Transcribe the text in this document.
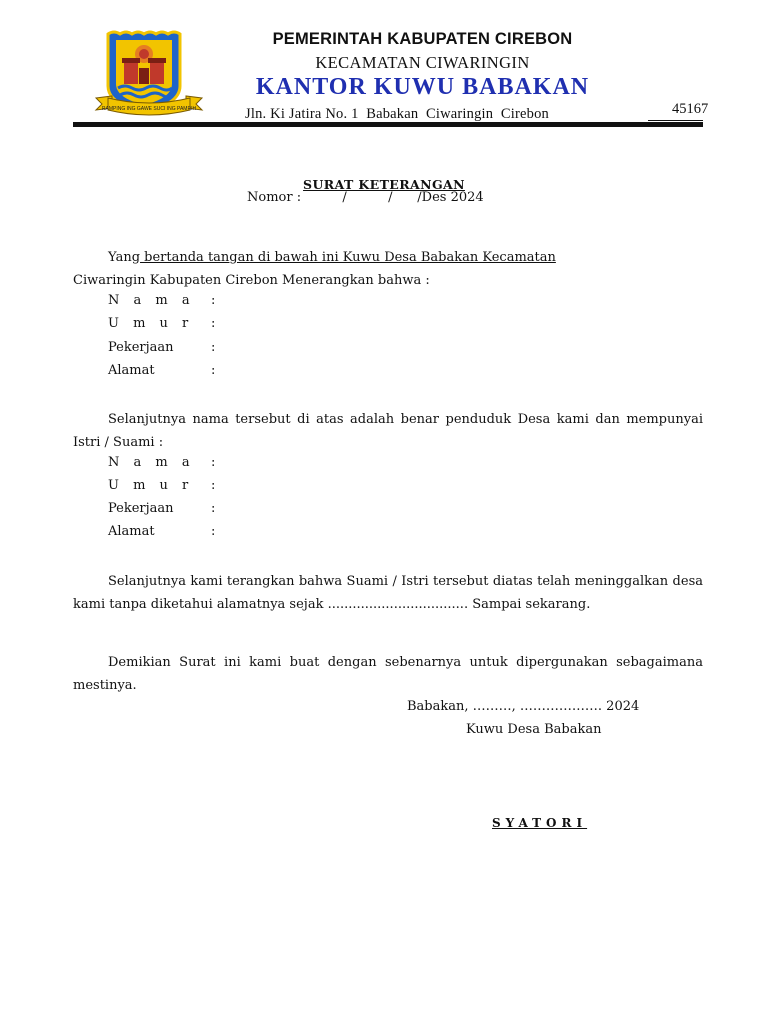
RAMPING ING GAWE SUCI ING PAMRIH
PEMERINTAH KABUPATEN CIREBON
KECAMATAN CIWARINGIN
KANTOR KUWU BABAKAN
Jln. Ki Jatira No. 1  Babakan  Ciwaringin  Cirebon	45167
SURAT KETERANGAN
Nomor :          /          /      /Des 2024
Yang bertanda tangan di bawah ini Kuwu Desa Babakan Kecamatan
Ciwaringin Kabupaten Cirebon Menerangkan bahwa :
N a m a :
U m u r :
Pekerjaan	:
Alamat	:
Selanjutnya nama tersebut di atas adalah benar penduduk Desa kami dan mempunyai Istri / Suami :
N a m a :
U m u r :
Pekerjaan	:
Alamat	:
Selanjutnya kami terangkan bahwa Suami / Istri tersebut diatas telah meninggalkan desa kami tanpa diketahui alamatnya sejak .................................. Sampai sekarang.
Demikian Surat ini kami buat dengan sebenarnya untuk dipergunakan sebagaimana mestinya.
Babakan, ………, ………………. 2024
Kuwu Desa Babakan
SYATORI
